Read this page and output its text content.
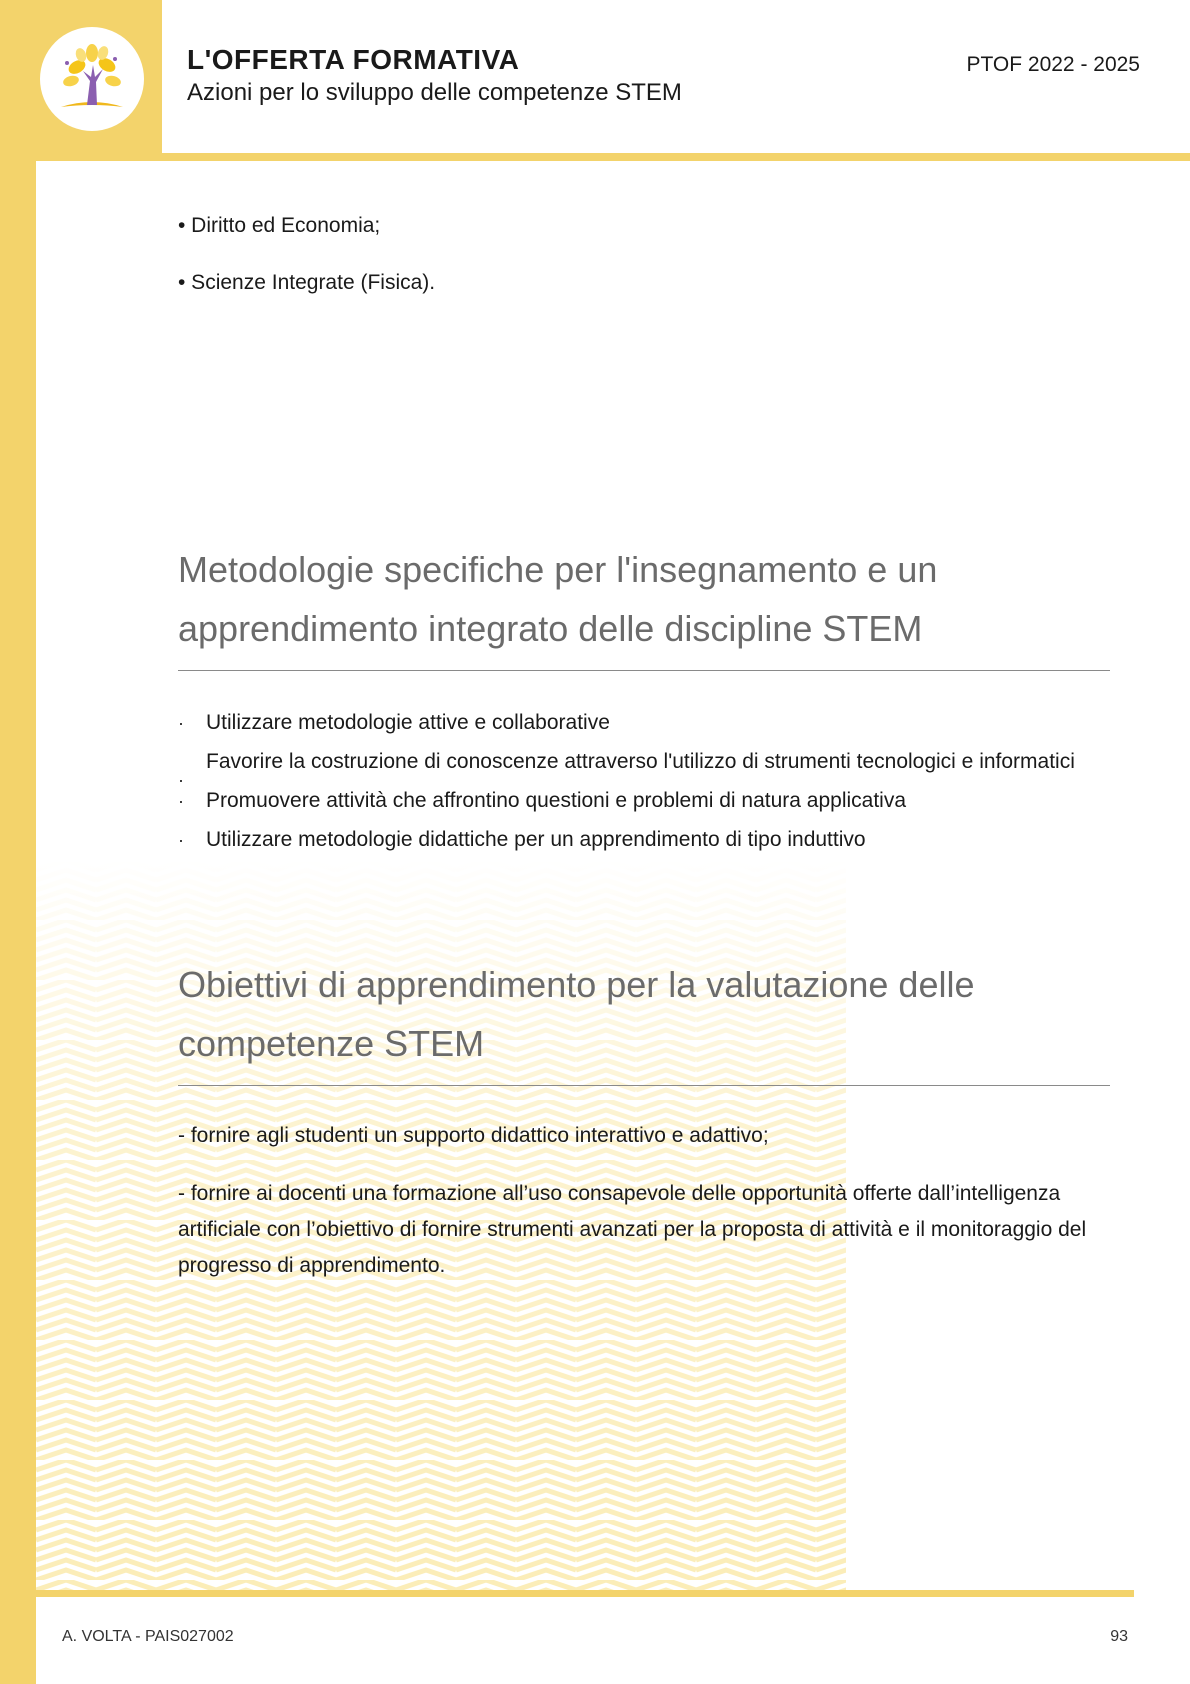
L'OFFERTA FORMATIVA
Azioni per lo sviluppo delle competenze STEM
PTOF 2022 - 2025
• Diritto ed Economia;
• Scienze Integrate (Fisica).
Metodologie specifiche per l'insegnamento e un
apprendimento integrato delle discipline STEM
· Utilizzare metodologie attive e collaborative
·
Favorire la costruzione di conoscenze attraverso l'utilizzo di strumenti tecnologici e informatici
· Promuovere attività che affrontino questioni e problemi di natura applicativa
· Utilizzare metodologie didattiche per un apprendimento di tipo induttivo
Obiettivi di apprendimento per la valutazione delle
competenze STEM
- fornire agli studenti un supporto didattico interattivo e adattivo;
- fornire ai docenti una formazione all’uso consapevole delle opportunità offerte dall’intelligenza artificiale con l’obiettivo di fornire strumenti avanzati per la proposta di attività e il monitoraggio del progresso di apprendimento.
A. VOLTA - PAIS027002	93
